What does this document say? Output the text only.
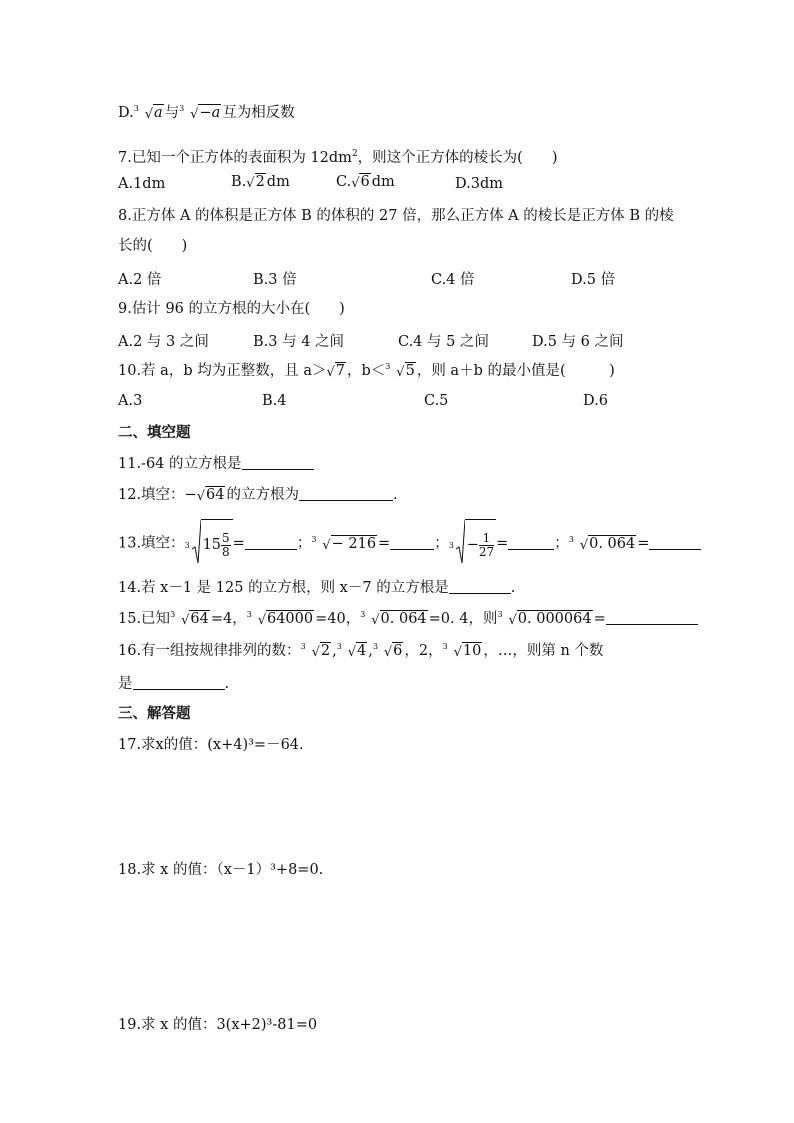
D. 3 √a 与 3 √−a 互为相反数
7.已知一个正方体的表面积为 $12dm^2$，则这个正方体的棱长为(　　)
A.1dm	B.√2 dm	C.√6 dm	D.3dm
8.正方体 A 的体积是正方体 B 的体积的 27 倍，那么正方体 A 的棱长是正方体 B 的棱
长的(　　)
A.2 倍	B.3 倍	C.4 倍	D.5 倍
9.估计 96 的立方根的大小在(　　)
A.2 与 3 之间	B.3 与 4 之间	C.4 与 5 之间	D.5 与 6 之间
10.若 a，b 均为正整数，且 a＞√7 ，b＜ 3 √5 ，则 a＋b 的最小值是(　　　)
A.3	B.4	C.5	D.6
二、填空题
11.-64 的立方根是
12.填空：−√64 的立方根为	.
13.填空： 3 $15 \frac{5}{8}$ =	； 3 √− 216 =	； $3 - \frac{1}{27}$ =	； 3 √0. 064 =
14.若 x－1 是 125 的立方根，则 x－7 的立方根是	.
15.已知 3 √64 =4， 3 √64000 =40， 3 √0. 064 =0. 4，则 3 √0. 000064 =
16.有一组按规律排列的数： 3 √2 , 3 √4 , 3 √6 ，2， 3 √10 ，…，则第 n 个数
是	.
三、解答题
17.求x的值：(x+4)³=－64.
18.求 x 的值：（x－1）³+8=0.
19.求 x 的值：3(x+2)³-81=0
